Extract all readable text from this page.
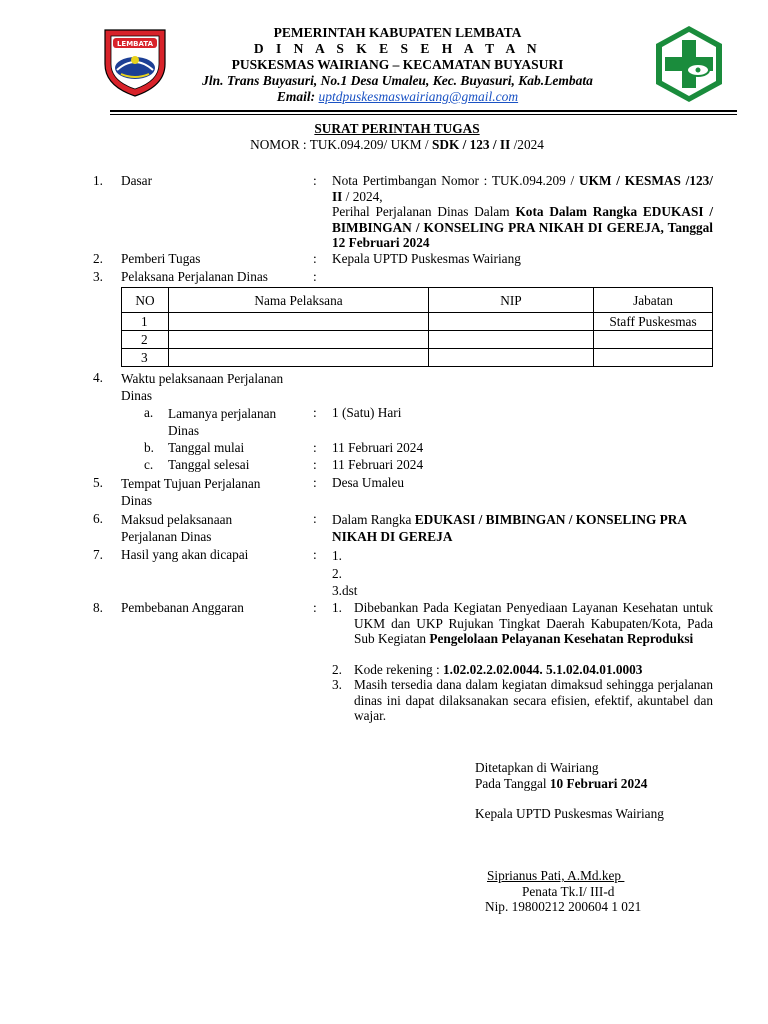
LEMBATA
PEMERINTAH KABUPATEN LEMBATA
D I N A S K E S E H A T A N
PUSKESMAS WAIRIANG – KECAMATAN BUYASURI
Jln. Trans Buyasuri, No.1 Desa Umaleu, Kec. Buyasuri, Kab.Lembata
Email: uptdpuskesmaswairiang@gmail.com
SURAT PERINTAH TUGAS
NOMOR : TUK.094.209/ UKM / SDK / 123 / II /2024
1. Dasar	: Nota Pertimbangan Nomor : TUK.094.209 / UKM / KESMAS /123/ II / 2024,
Perihal Perjalanan Dinas Dalam Kota Dalam Rangka EDUKASI / BIMBINGAN / KONSELING PRA NIKAH DI GEREJA, Tanggal 12 Februari 2024
2. Pemberi Tugas	: Kepala UPTD Puskesmas Wairiang
3. Pelaksana Perjalanan Dinas	:
NO	Nama Pelaksana	NIP	Jabatan
1			Staff Puskesmas
2			
3			
4. Waktu pelaksanaan Perjalanan Dinas
a. Lamanya perjalanan Dinas
: 1 (Satu) Hari
b. Tanggal mulai	: 11 Februari 2024
c. Tanggal selesai	: 11 Februari 2024
5. Tempat Tujuan Perjalanan Dinas
: Desa Umaleu
6. Maksud pelaksanaan Perjalanan Dinas
: Dalam Rangka EDUKASI / BIMBINGAN / KONSELING PRA NIKAH DI GEREJA
7. Hasil yang akan dicapai	: 1.
2.
3.dst
8. Pembebanan Anggaran	: 1. Dibebankan Pada Kegiatan Penyediaan Layanan Kesehatan untuk UKM dan UKP Rujukan Tingkat Daerah Kabupaten/Kota, Pada Sub Kegiatan Pengelolaan Pelayanan Kesehatan Reproduksi
2. Kode rekening : 1.02.02.2.02.0044. 5.1.02.04.01.0003
3. Masih tersedia dana dalam kegiatan dimaksud sehingga perjalanan dinas ini dapat dilaksanakan secara efisien, efektif, akuntabel dan wajar.
Ditetapkan di Wairiang
Pada Tanggal 10 Februari 2024
Kepala UPTD Puskesmas Wairiang
Siprianus Pati, A.Md.kep
Penata Tk.I/ III-d
Nip. 19800212 200604 1 021
